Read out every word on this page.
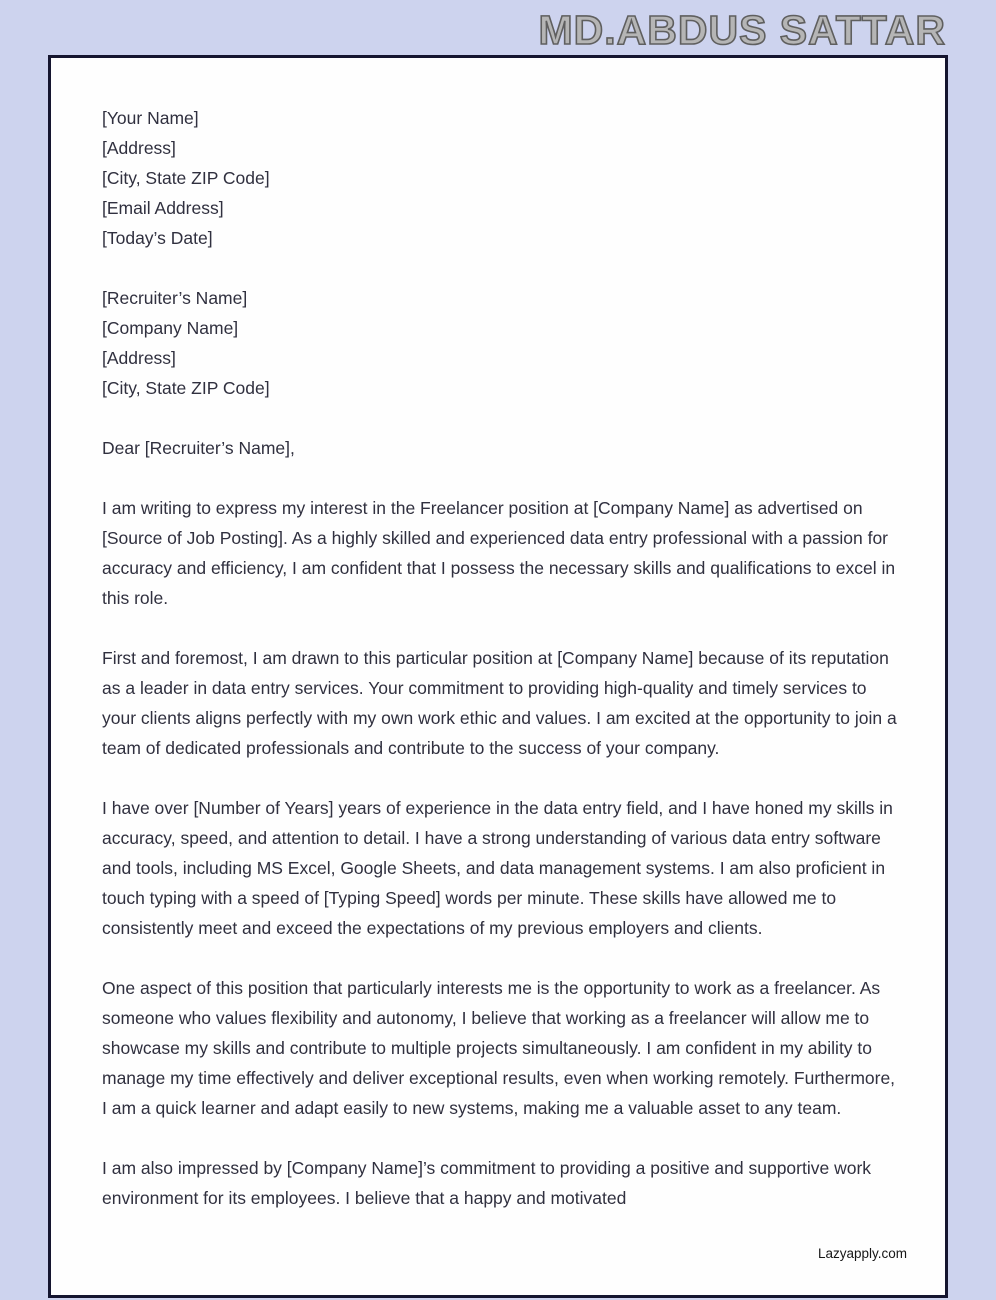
MD.ABDUS SATTAR
[Your Name]
[Address]
[City, State ZIP Code]
[Email Address]
[Today’s Date]
[Recruiter’s Name]
[Company Name]
[Address]
[City, State ZIP Code]
Dear [Recruiter’s Name],
I am writing to express my interest in the Freelancer position at [Company Name] as advertised on [Source of Job Posting]. As a highly skilled and experienced data entry professional with a passion for accuracy and efficiency, I am confident that I possess the necessary skills and qualifications to excel in this role.
First and foremost, I am drawn to this particular position at [Company Name] because of its reputation as a leader in data entry services. Your commitment to providing high-quality and timely services to your clients aligns perfectly with my own work ethic and values. I am excited at the opportunity to join a team of dedicated professionals and contribute to the success of your company.
I have over [Number of Years] years of experience in the data entry field, and I have honed my skills in accuracy, speed, and attention to detail. I have a strong understanding of various data entry software and tools, including MS Excel, Google Sheets, and data management systems. I am also proficient in touch typing with a speed of [Typing Speed] words per minute. These skills have allowed me to consistently meet and exceed the expectations of my previous employers and clients.
One aspect of this position that particularly interests me is the opportunity to work as a freelancer. As someone who values flexibility and autonomy, I believe that working as a freelancer will allow me to showcase my skills and contribute to multiple projects simultaneously. I am confident in my ability to manage my time effectively and deliver exceptional results, even when working remotely. Furthermore, I am a quick learner and adapt easily to new systems, making me a valuable asset to any team.
I am also impressed by [Company Name]’s commitment to providing a positive and supportive work environment for its employees. I believe that a happy and motivated
Lazyapply.com
